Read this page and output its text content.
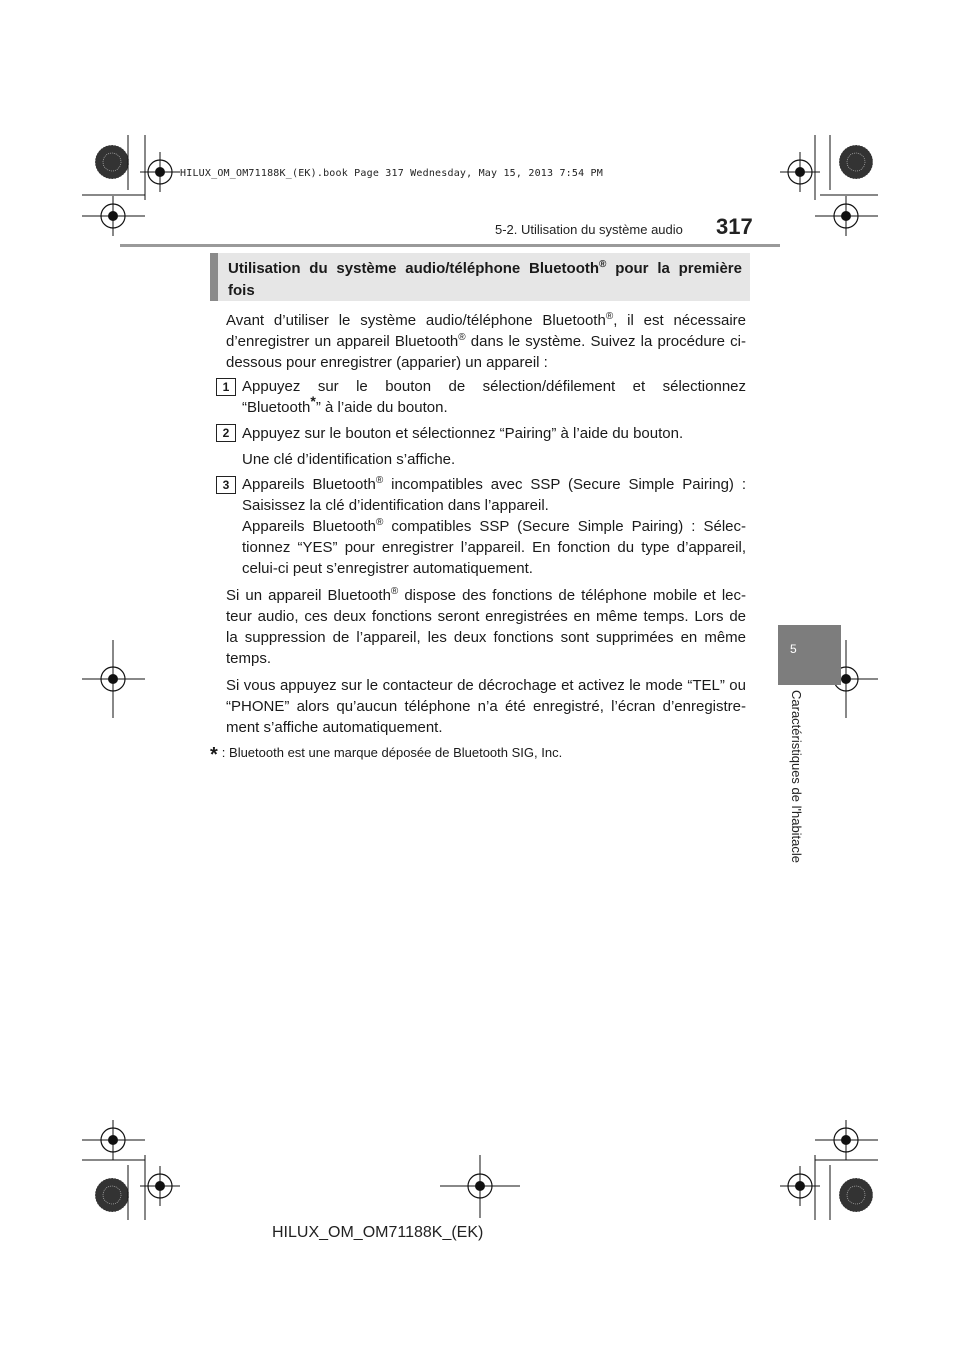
HILUX_OM_OM71188K_(EK).book Page 317 Wednesday, May 15, 2013 7:54 PM
5-2. Utilisation du système audio 317
5
Caractéristiques de l'habitacle
Utilisation du système audio/téléphone Bluetooth® pour la première
fois
Avant d’utiliser le système audio/téléphone Bluetooth®, il est nécessaire
d’enregistrer un appareil Bluetooth® dans le système. Suivez la procédure ci-
dessous pour enregistrer (apparier) un appareil :
1 Appuyez sur le bouton de sélection/défilement et sélectionnez
“Bluetooth*” à l’aide du bouton.
2 Appuyez sur le bouton et sélectionnez “Pairing” à l’aide du bouton.
Une clé d’identification s’affiche.
3 Appareils Bluetooth® incompatibles avec SSP (Secure Simple Pairing) :
Saisissez la clé d’identification dans l’appareil.
Appareils Bluetooth® compatibles SSP (Secure Simple Pairing) : Sélec-
tionnez “YES” pour enregistrer l’appareil. En fonction du type d’appareil,
celui-ci peut s’enregistrer automatiquement.
Si un appareil Bluetooth® dispose des fonctions de téléphone mobile et lec-
teur audio, ces deux fonctions seront enregistrées en même temps. Lors de
la suppression de l’appareil, les deux fonctions sont supprimées en même
temps.
Si vous appuyez sur le contacteur de décrochage et activez le mode “TEL” ou
“PHONE” alors qu’aucun téléphone n’a été enregistré, l’écran d’enregistre-
ment s’affiche automatiquement.
* : Bluetooth est une marque déposée de Bluetooth SIG, Inc.
HILUX_OM_OM71188K_(EK)
